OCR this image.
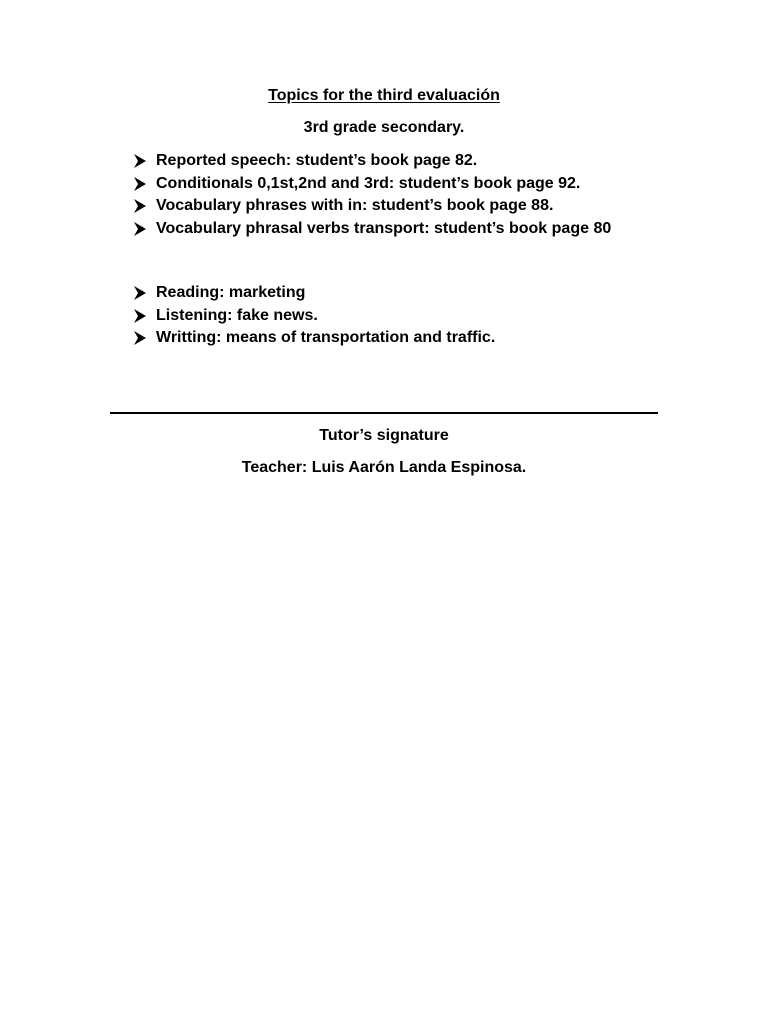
Topics for the third evaluación
3rd grade secondary.
Reported speech: student’s book page 82.
Conditionals 0,1st,2nd and 3rd: student’s book page 92.
Vocabulary phrases with in: student’s book page 88.
Vocabulary phrasal verbs transport: student’s book page 80
Reading: marketing
Listening: fake news.
Writting: means of transportation and traffic.
Tutor’s signature
Teacher: Luis Aarón Landa Espinosa.
